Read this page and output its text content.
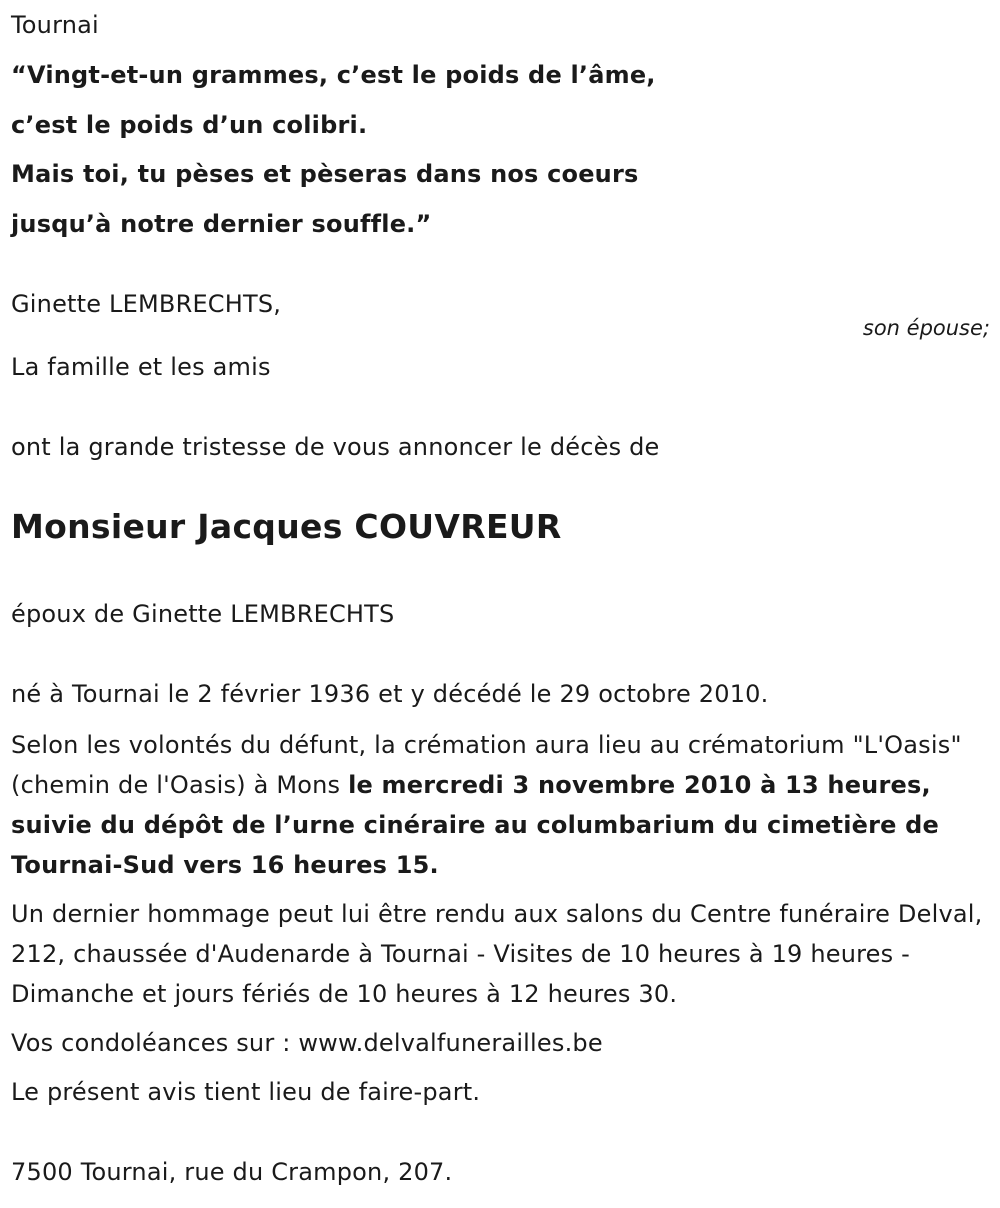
Tournai
“Vingt-et-un grammes, c’est le poids de l’âme,
c’est le poids d’un colibri.
Mais toi, tu pèses et pèseras dans nos coeurs
jusqu’à notre dernier souffle.”
Ginette LEMBRECHTS,
son épouse;
La famille et les amis
ont la grande tristesse de vous annoncer le décès de
Monsieur Jacques COUVREUR
époux de Ginette LEMBRECHTS
né à Tournai le 2 février 1936 et y décédé le 29 octobre 2010.
Selon les volontés du défunt, la crémation aura lieu au crématorium "L'Oasis" (chemin de l'Oasis) à Mons le mercredi 3 novembre 2010 à 13 heures, suivie du dépôt de l’urne cinéraire au columbarium du cimetière de Tournai-Sud vers 16 heures 15.
Un dernier hommage peut lui être rendu aux salons du Centre funéraire Delval, 212, chaussée d'Audenarde à Tournai - Visites de 10 heures à 19 heures - Dimanche et jours fériés de 10 heures à 12 heures 30.
Vos condoléances sur : www.delvalfunerailles.be
Le présent avis tient lieu de faire-part.
7500 Tournai, rue du Crampon, 207.
